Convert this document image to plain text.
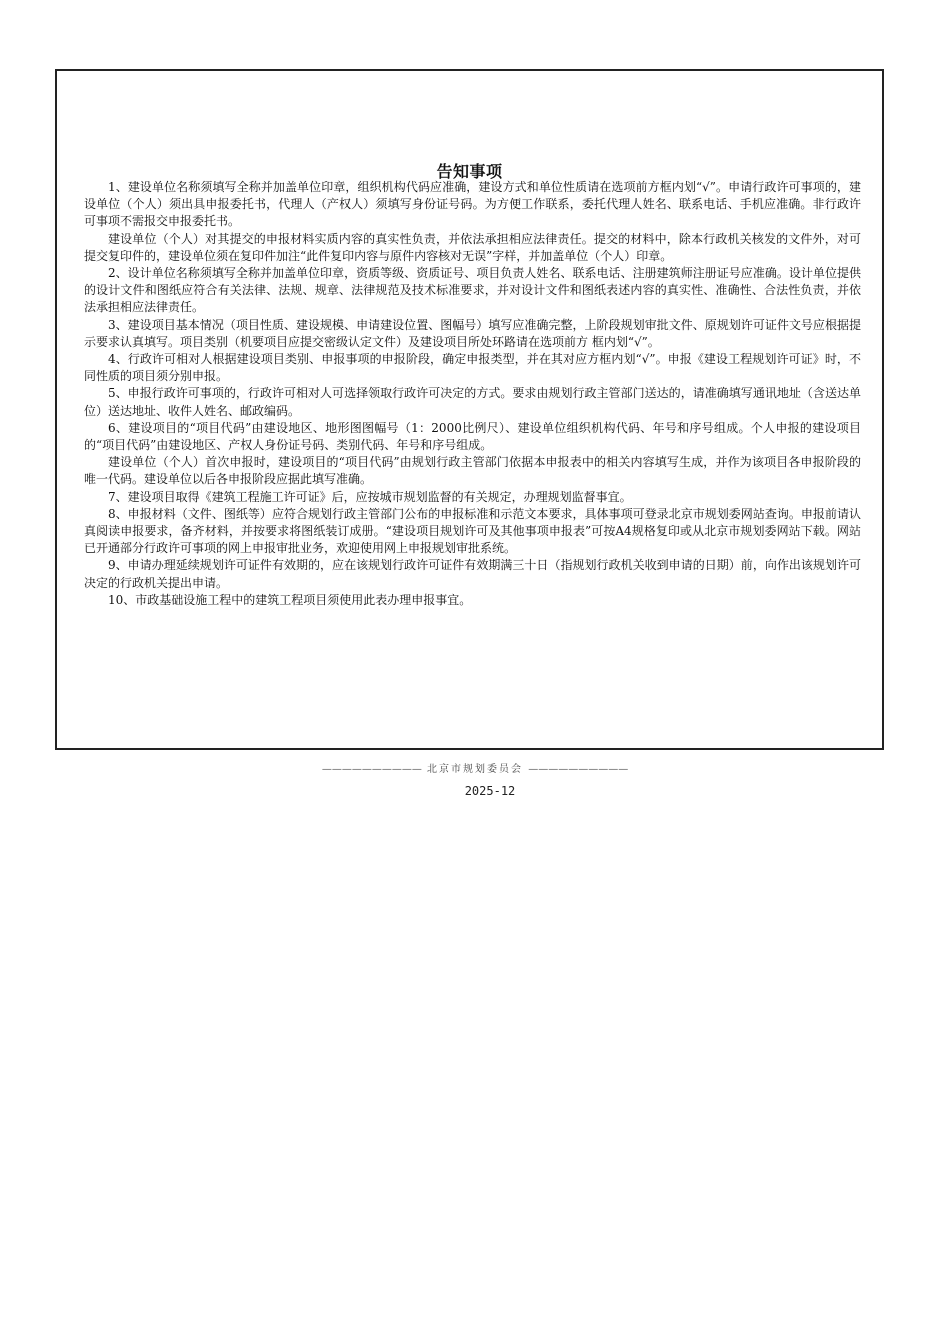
告知事项

1、建设单位名称须填写全称并加盖单位印章，组织机构代码应准确，建设方式和单位性质请在选项前方框内划“√”。申请行政许可事项的，建设单位（个人）须出具申报委托书，代理人（产权人）须填写身份证号码。为方便工作联系，委托代理人姓名、联系电话、手机应准确。非行政许可事项不需报交申报委托书。

建设单位（个人）对其提交的申报材料实质内容的真实性负责，并依法承担相应法律责任。提交的材料中，除本行政机关核发的文件外，对可提交复印件的，建设单位须在复印件加注“此件复印内容与原件内容核对无误”字样，并加盖单位（个人）印章。

2、设计单位名称须填写全称并加盖单位印章，资质等级、资质证号、项目负责人姓名、联系电话、注册建筑师注册证号应准确。设计单位提供的设计文件和图纸应符合有关法律、法规、规章、法律规范及技术标准要求，并对设计文件和图纸表述内容的真实性、准确性、合法性负责，并依法承担相应法律责任。

3、建设项目基本情况（项目性质、建设规模、申请建设位置、图幅号）填写应准确完整，上阶段规划审批文件、原规划许可证件文号应根据提示要求认真填写。项目类别（机要项目应提交密级认定文件）及建设项目所处环路请在选项前方 框内划“√”。

4、行政许可相对人根据建设项目类别、申报事项的申报阶段，确定申报类型，并在其对应方框内划“√”。申报《建设工程规划许可证》时，不同性质的项目须分别申报。

5、申报行政许可事项的，行政许可相对人可选择领取行政许可决定的方式。要求由规划行政主管部门送达的，请准确填写通讯地址（含送达单位）送达地址、收件人姓名、邮政编码。

6、建设项目的“项目代码”由建设地区、地形图图幅号（1：2000比例尺）、建设单位组织机构代码、年号和序号组成。个人申报的建设项目的“项目代码”由建设地区、产权人身份证号码、类别代码、年号和序号组成。

建设单位（个人）首次申报时，建设项目的“项目代码”由规划行政主管部门依据本申报表中的相关内容填写生成，并作为该项目各申报阶段的唯一代码。建设单位以后各申报阶段应据此填写准确。

7、建设项目取得《建筑工程施工许可证》后，应按城市规划监督的有关规定，办理规划监督事宜。

8、申报材料（文件、图纸等）应符合规划行政主管部门公布的申报标准和示范文本要求，具体事项可登录北京市规划委网站查询。申报前请认真阅读申报要求，备齐材料，并按要求将图纸装订成册。“建设项目规划许可及其他事项申报表”可按A4规格复印或从北京市规划委网站下载。网站已开通部分行政许可事项的网上申报审批业务，欢迎使用网上申报规划审批系统。

9、申请办理延续规划许可证件有效期的，应在该规划行政许可证件有效期满三十日（指规划行政机关收到申请的日期）前，向作出该规划许可决定的行政机关提出申请。

10、市政基础设施工程中的建筑工程项目须使用此表办理申报事宜。

—————————— 北京市规划委员会 ——————————
2025-12
